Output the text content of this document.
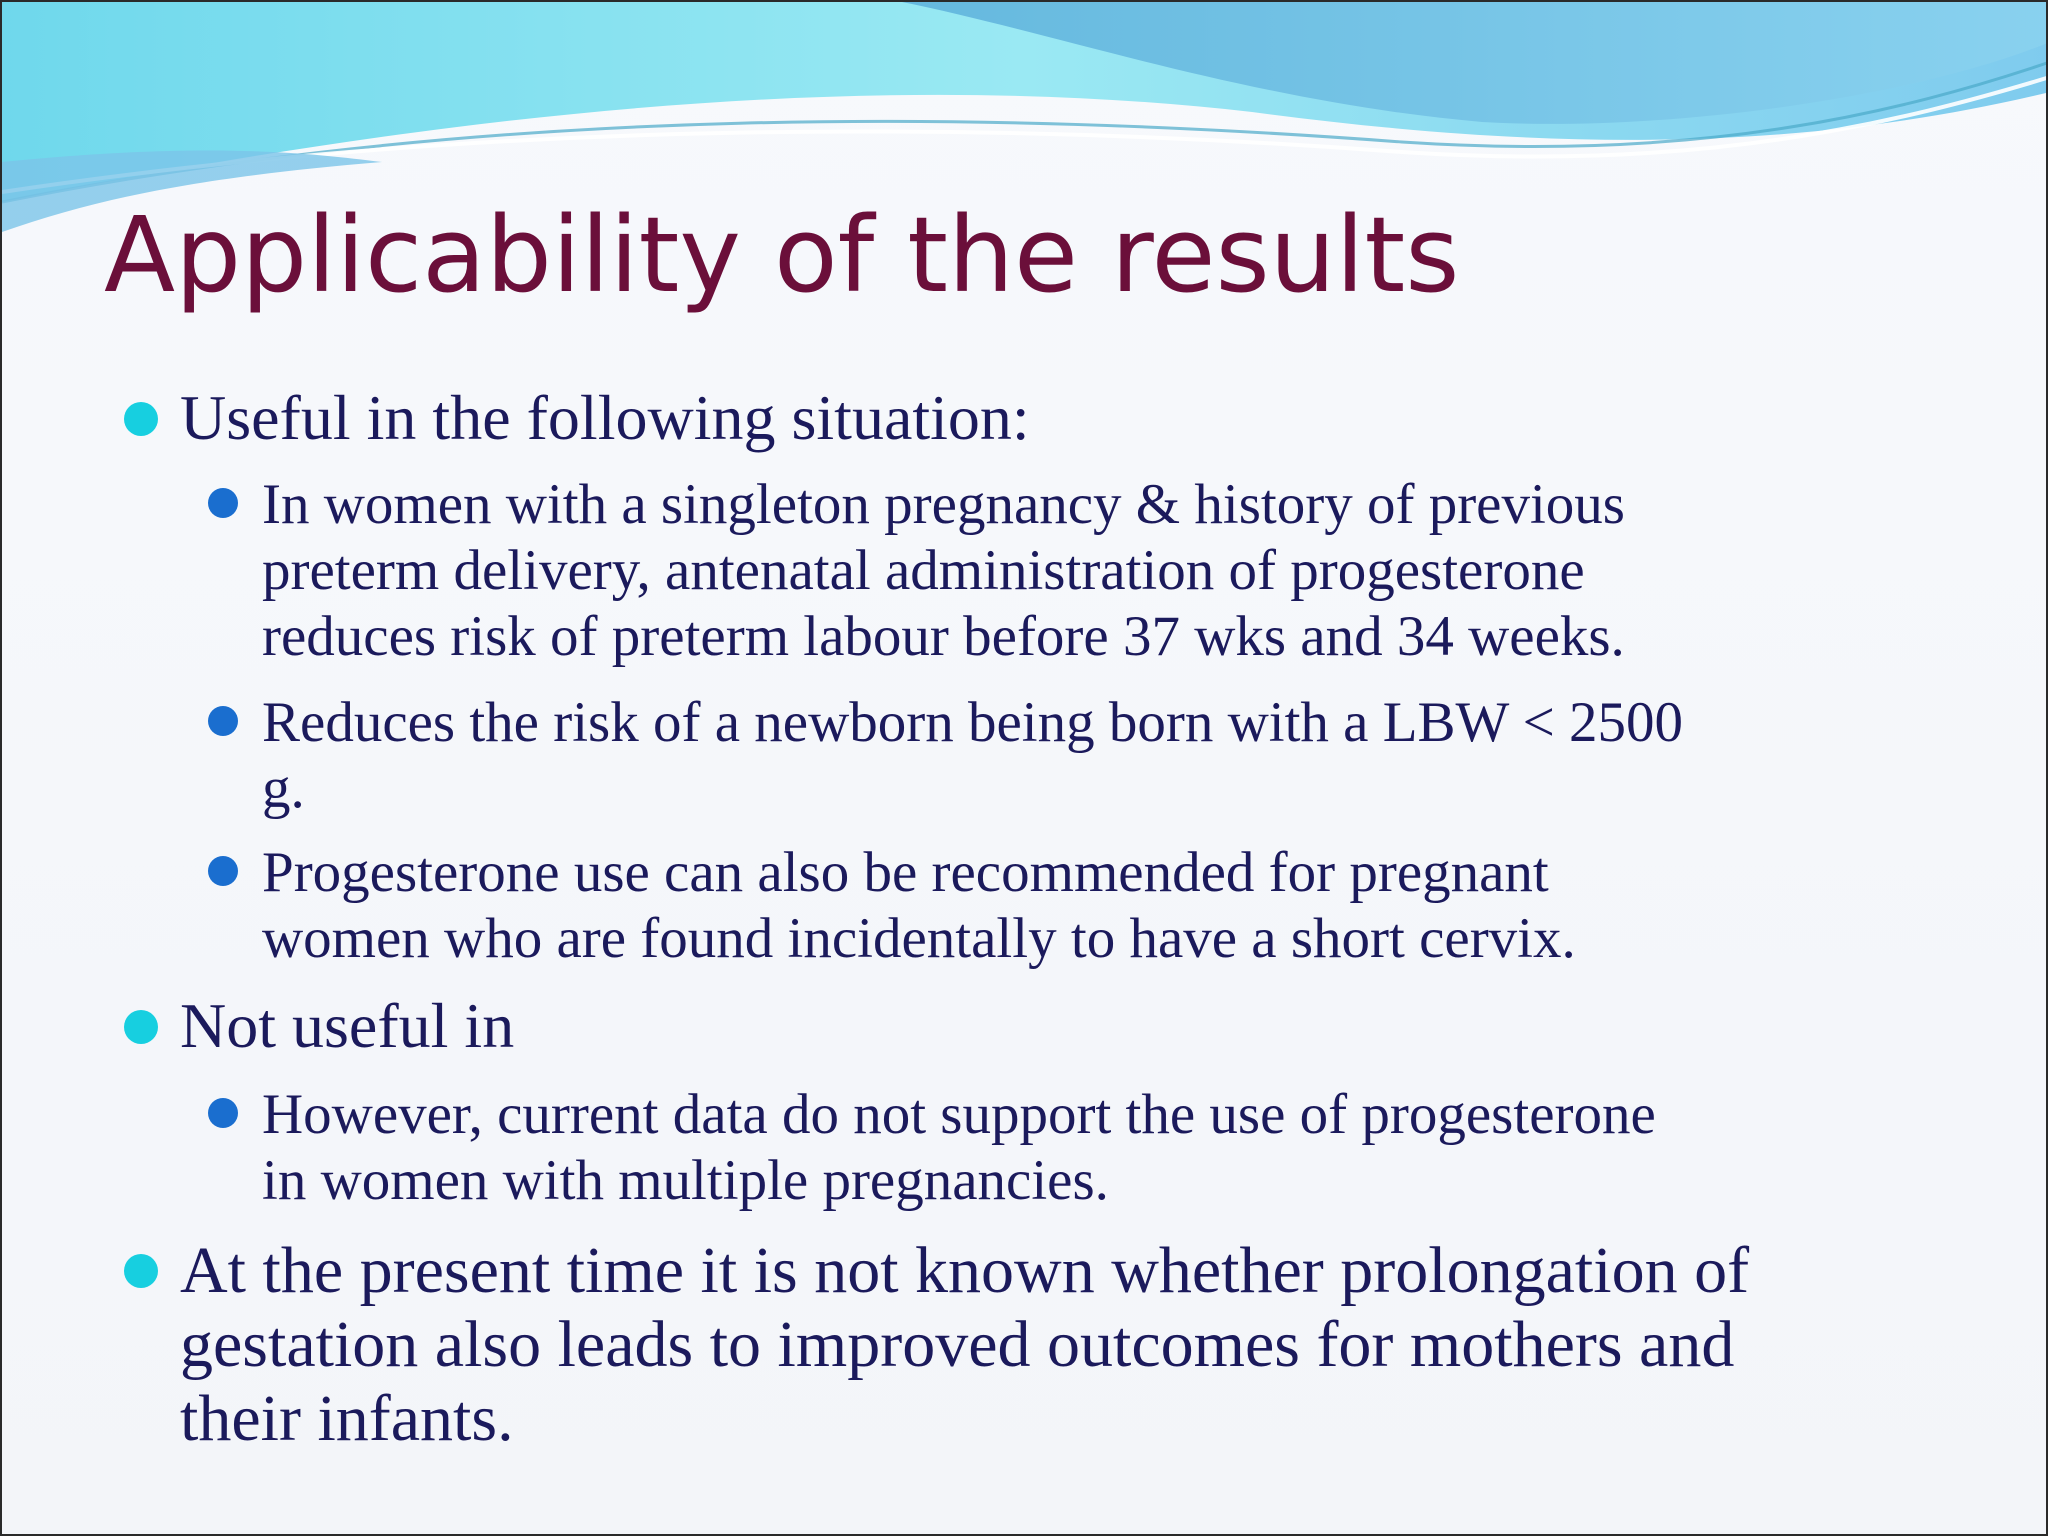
Applicability of the results

Useful in the following situation:

In women with a singleton pregnancy & history of previous
preterm delivery, antenatal administration of progesterone
reduces risk of preterm labour before 37 wks and 34 weeks.

Reduces the risk of a newborn being born with a LBW < 2500
g.

Progesterone use can also be recommended for pregnant
women who are found incidentally to have a short cervix.

Not useful in

However, current data do not support the use of progesterone
in women with multiple pregnancies.

At the present time it is not known whether prolongation of
gestation also leads to improved outcomes for mothers and
their infants.
